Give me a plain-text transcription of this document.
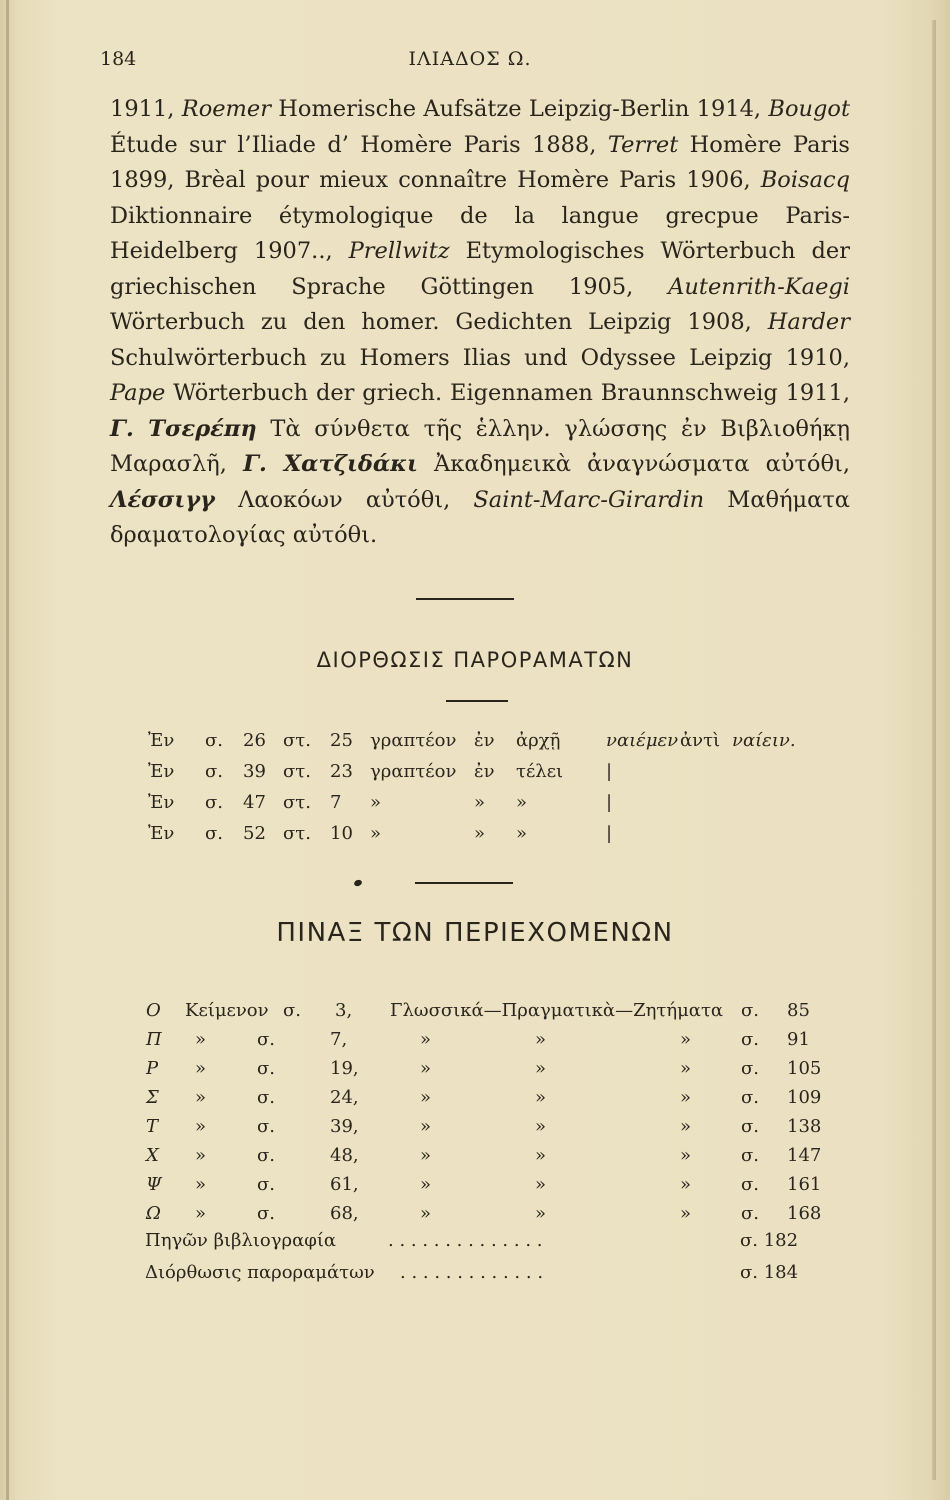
184	ΙΛΙΑΔΟΣ Ω.
1911, Roemer Homerische Aufsätze Leipzig-Berlin 1914, Bougot Étude sur l’Iliade d’ Homère Paris 1888, Terret Homère Paris 1899, Brèal pour mieux connaître Homère Paris 1906, Boisacq Diktionnaire étymologique de la langue grecpue Paris-Heidelberg 1907.., Prellwitz Etymologisches Wörterbuch der griechischen Sprache Göttingen 1905, Autenrith-Kaegi Wörterbuch zu den homer. Gedichten Leipzig 1908, Harder Schulwörterbuch zu Homers Ilias und Odyssee Leipzig 1910, Pape Wörterbuch der griech. Eigennamen Braunnschweig 1911, Γ. Τσερέπη Τὰ σύνθετα τῆς ἑλλην. γλώσσης ἐν Βιβλιοθήκῃ Μαρασλῆ, Γ. Χατζιδάκι Ἀκαδημεικὰ ἀναγνώσματα αὐτόθι, Λέσσιγγ Λαοκόων αὐτόθι, Saint-Marc-Girardin Μαθήματα δραματολογίας αὐτόθι.
ΔΙΟΡΘΩΣΙΣ ΠΑΡΟΡΑΜΑΤΩΝ
Ἐν σ. 26 στ. 25 γραπτέον ἐν ἀρχῇ	ναιέμεν ἀντὶ ναίειν.
Ἐν σ. 39 στ. 23 γραπτέον ἐν τέλει |
Ἐν σ. 47 στ. 7 »	» »	|
Ἐν σ. 52 στ. 10 »	» »	|
ΠΙΝΑΞ ΤΩΝ ΠΕΡΙΕΧΟΜΕΝΩΝ
Ο Κείμενον σ. 3, Γλωσσικά—Πραγματικὰ—Ζητήματα σ. 85
Π »	σ.	7,	»	»	»	σ. 91
Ρ »	σ.	19,	»	»	»	σ. 105
Σ »	σ.	24,	»	»	»	σ. 109
Τ »	σ.	39,	»	»	»	σ. 138
Χ »	σ.	48,	»	»	»	σ. 147
Ψ »	σ.	61,	»	»	»	σ. 161
Ω »	σ.	68,	»	»	»	σ. 168
Πηγῶν βιβλιογραφία	. . . . . . . . . . . . . .	σ. 182
Διόρθωσις παροραμάτων . . . . . . . . . . . . .	σ. 184
